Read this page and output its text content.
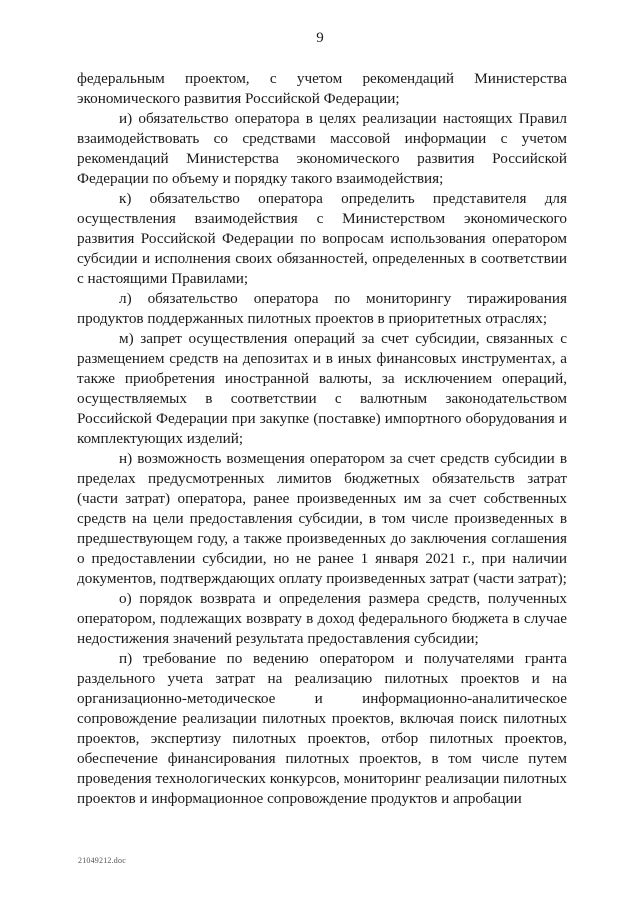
9

федеральным проектом, с учетом рекомендаций Министерства экономического развития Российской Федерации;

и) обязательство оператора в целях реализации настоящих Правил взаимодействовать со средствами массовой информации с учетом рекомендаций Министерства экономического развития Российской Федерации по объему и порядку такого взаимодействия;

к) обязательство оператора определить представителя для осуществления взаимодействия с Министерством экономического развития Российской Федерации по вопросам использования оператором субсидии и исполнения своих обязанностей, определенных в соответствии с настоящими Правилами;

л) обязательство оператора по мониторингу тиражирования продуктов поддержанных пилотных проектов в приоритетных отраслях;

м) запрет осуществления операций за счет субсидии, связанных с размещением средств на депозитах и в иных финансовых инструментах, а также приобретения иностранной валюты, за исключением операций, осуществляемых в соответствии с валютным законодательством Российской Федерации при закупке (поставке) импортного оборудования и комплектующих изделий;

н) возможность возмещения оператором за счет средств субсидии в пределах предусмотренных лимитов бюджетных обязательств затрат (части затрат) оператора, ранее произведенных им за счет собственных средств на цели предоставления субсидии, в том числе произведенных в предшествующем году, а также произведенных до заключения соглашения о предоставлении субсидии, но не ранее 1 января 2021 г., при наличии документов, подтверждающих оплату произведенных затрат (части затрат);

о) порядок возврата и определения размера средств, полученных оператором, подлежащих возврату в доход федерального бюджета в случае недостижения значений результата предоставления субсидии;

п) требование по ведению оператором и получателями гранта раздельного учета затрат на реализацию пилотных проектов и на организационно-методическое и информационно-аналитическое сопровождение реализации пилотных проектов, включая поиск пилотных проектов, экспертизу пилотных проектов, отбор пилотных проектов, обеспечение финансирования пилотных проектов, в том числе путем проведения технологических конкурсов, мониторинг реализации пилотных проектов и информационное сопровождение продуктов и апробации

21049212.doc
